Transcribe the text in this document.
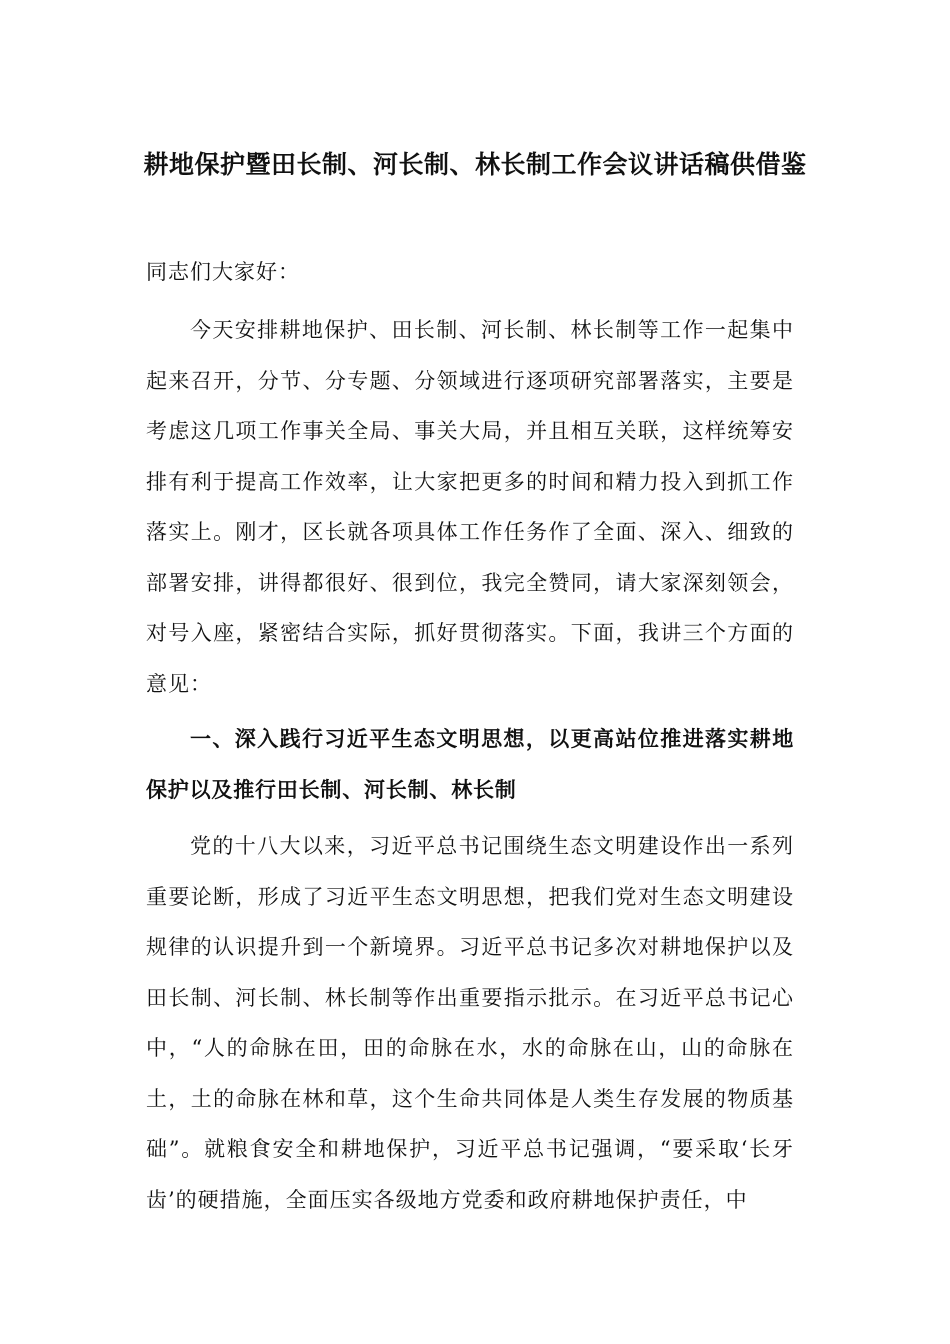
耕地保护暨田长制、河长制、林长制工作会议讲话稿供借鉴

同志们大家好：

今天安排耕地保护、田长制、河长制、林长制等工作一起集中起来召开，分节、分专题、分领域进行逐项研究部署落实，主要是考虑这几项工作事关全局、事关大局，并且相互关联，这样统筹安排有利于提高工作效率，让大家把更多的时间和精力投入到抓工作落实上。刚才，区长就各项具体工作任务作了全面、深入、细致的部署安排，讲得都很好、很到位，我完全赞同，请大家深刻领会，对号入座，紧密结合实际，抓好贯彻落实。下面，我讲三个方面的意见：

一、深入践行习近平生态文明思想，以更高站位推进落实耕地保护以及推行田长制、河长制、林长制

党的十八大以来，习近平总书记围绕生态文明建设作出一系列重要论断，形成了习近平生态文明思想，把我们党对生态文明建设规律的认识提升到一个新境界。习近平总书记多次对耕地保护以及田长制、河长制、林长制等作出重要指示批示。在习近平总书记心中，“人的命脉在田，田的命脉在水，水的命脉在山，山的命脉在土，土的命脉在林和草，这个生命共同体是人类生存发展的物质基础”。就粮食安全和耕地保护，习近平总书记强调，“要采取‘长牙齿’的硬措施，全面压实各级地方党委和政府耕地保护责任，中
